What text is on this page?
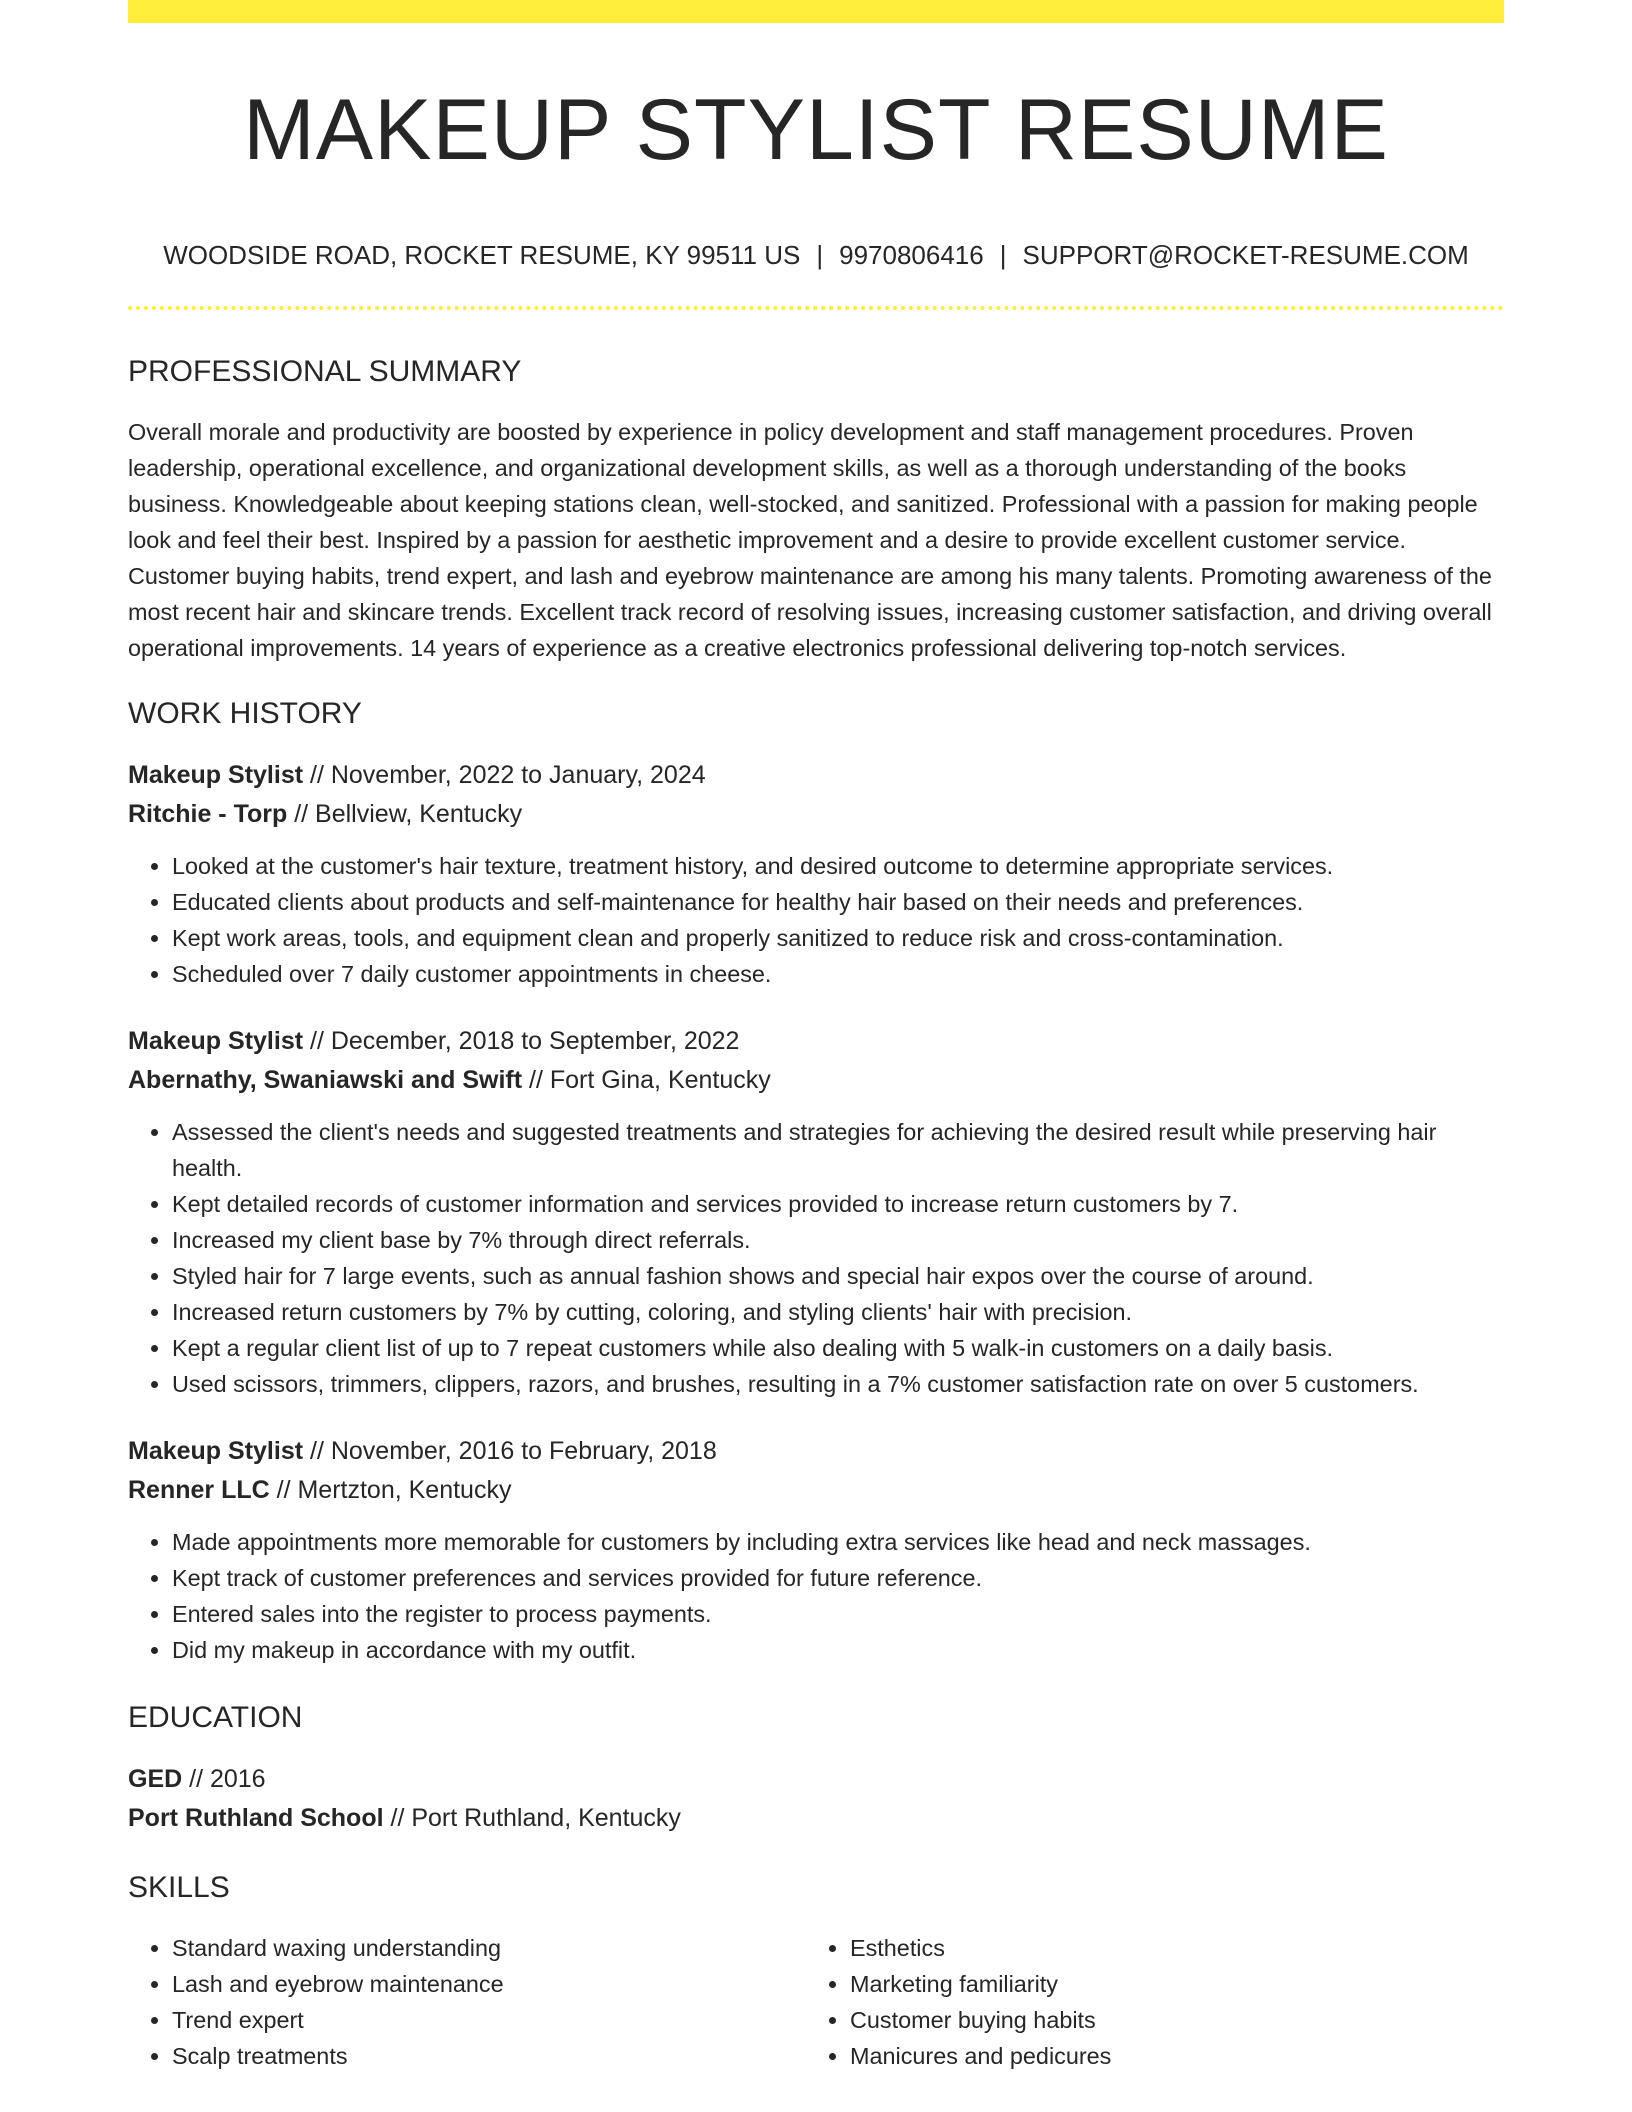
MAKEUP STYLIST RESUME
WOODSIDE ROAD, ROCKET RESUME, KY 99511 US | 9970806416 | SUPPORT@ROCKET-RESUME.COM
PROFESSIONAL SUMMARY

Overall morale and productivity are boosted by experience in policy development and staff management procedures. Proven leadership, operational excellence, and organizational development skills, as well as a thorough understanding of the books business. Knowledgeable about keeping stations clean, well-stocked, and sanitized. Professional with a passion for making people look and feel their best. Inspired by a passion for aesthetic improvement and a desire to provide excellent customer service. Customer buying habits, trend expert, and lash and eyebrow maintenance are among his many talents. Promoting awareness of the most recent hair and skincare trends. Excellent track record of resolving issues, increasing customer satisfaction, and driving overall operational improvements. 14 years of experience as a creative electronics professional delivering top-notch services.

WORK HISTORY
Makeup Stylist // November, 2022 to January, 2024
Ritchie - Torp // Bellview, Kentucky
• Looked at the customer's hair texture, treatment history, and desired outcome to determine appropriate services.
• Educated clients about products and self-maintenance for healthy hair based on their needs and preferences.
• Kept work areas, tools, and equipment clean and properly sanitized to reduce risk and cross-contamination.
• Scheduled over 7 daily customer appointments in cheese.
Makeup Stylist // December, 2018 to September, 2022
Abernathy, Swaniawski and Swift // Fort Gina, Kentucky
• Assessed the client's needs and suggested treatments and strategies for achieving the desired result while preserving hair health.
• Kept detailed records of customer information and services provided to increase return customers by 7.
• Increased my client base by 7% through direct referrals.
• Styled hair for 7 large events, such as annual fashion shows and special hair expos over the course of around.
• Increased return customers by 7% by cutting, coloring, and styling clients' hair with precision.
• Kept a regular client list of up to 7 repeat customers while also dealing with 5 walk-in customers on a daily basis.
• Used scissors, trimmers, clippers, razors, and brushes, resulting in a 7% customer satisfaction rate on over 5 customers.
Makeup Stylist // November, 2016 to February, 2018
Renner LLC // Mertzton, Kentucky
• Made appointments more memorable for customers by including extra services like head and neck massages.
• Kept track of customer preferences and services provided for future reference.
• Entered sales into the register to process payments.
• Did my makeup in accordance with my outfit.
EDUCATION
GED // 2016
Port Ruthland School // Port Ruthland, Kentucky
SKILLS
• Standard waxing understanding
• Lash and eyebrow maintenance
• Trend expert
• Scalp treatments
• Esthetics
• Marketing familiarity
• Customer buying habits
• Manicures and pedicures
